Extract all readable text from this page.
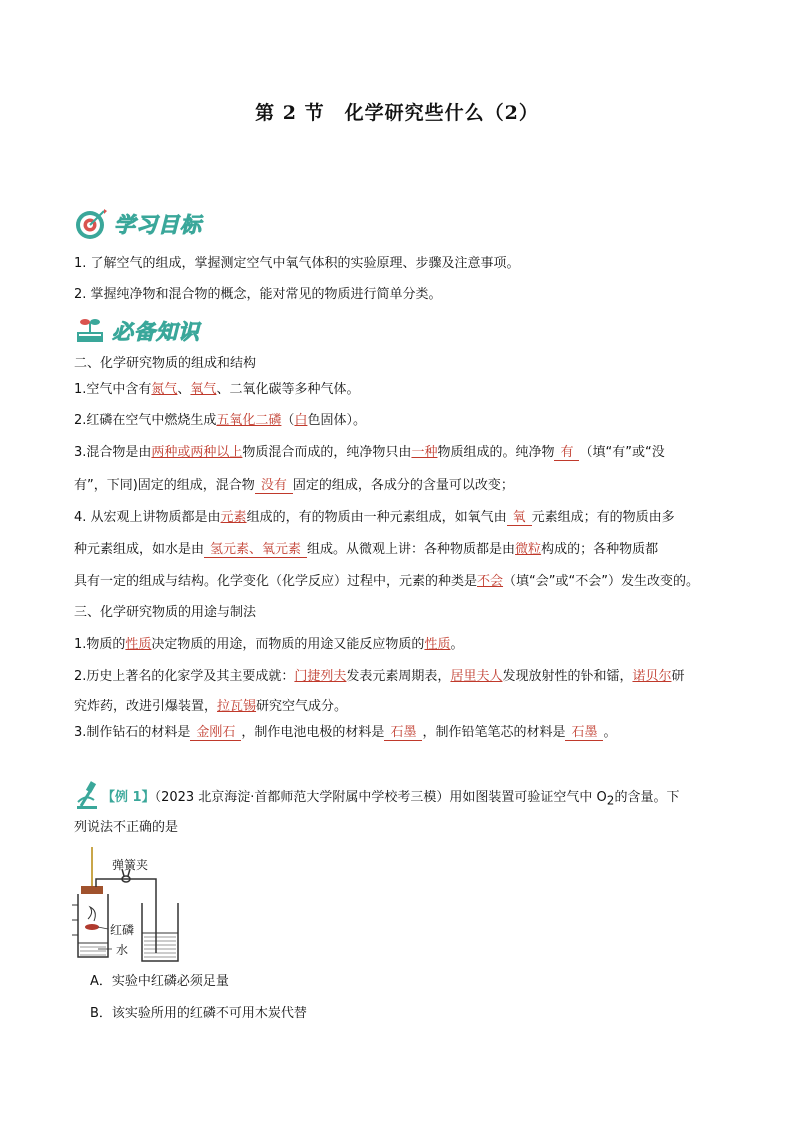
第 2 节　化学研究些什么（2）
学习目标
1. 了解空气的组成，掌握测定空气中氧气体积的实验原理、步骤及注意事项。
2. 掌握纯净物和混合物的概念，能对常见的物质进行简单分类。
必备知识
二、化学研究物质的组成和结构
1.空气中含有氮气、氧气、二氧化碳等多种气体。
2.红磷在空气中燃烧生成五氧化二磷（白色固体）。
3.混合物是由两种或两种以上物质混合而成的，纯净物只由一种物质组成的。纯净物 有 （填“有”或“没
有”，下同)固定的组成，混合物 没有 固定的组成，各成分的含量可以改变；
4. 从宏观上讲物质都是由元素组成的，有的物质由一种元素组成，如氧气由 氧 元素组成；有的物质由多
种元素组成，如水是由 氢元素、氧元素 组成。从微观上讲：各种物质都是由微粒构成的；各种物质都
具有一定的组成与结构。化学变化（化学反应）过程中，元素的种类是不会（填“会”或“不会”）发生改变的。
三、化学研究物质的用途与制法
1.物质的性质决定物质的用途，而物质的用途又能反应物质的性质。
2.历史上著名的化家学及其主要成就：门捷列夫发表元素周期表，居里夫人发现放射性的钋和镭，诺贝尔研
究炸药，改进引爆装置，拉瓦锡研究空气成分。
3.制作钻石的材料是 金刚石 ，制作电池电极的材料是 石墨 ，制作铅笔笔芯的材料是 石墨 。
【例 1】（2023 北京海淀·首都师范大学附属中学校考三模）用如图装置可验证空气中 $O_2$的含量。下
列说法不正确的是
弹簧夹
红磷
水
A．实验中红磷必须足量
B．该实验所用的红磷不可用木炭代替
